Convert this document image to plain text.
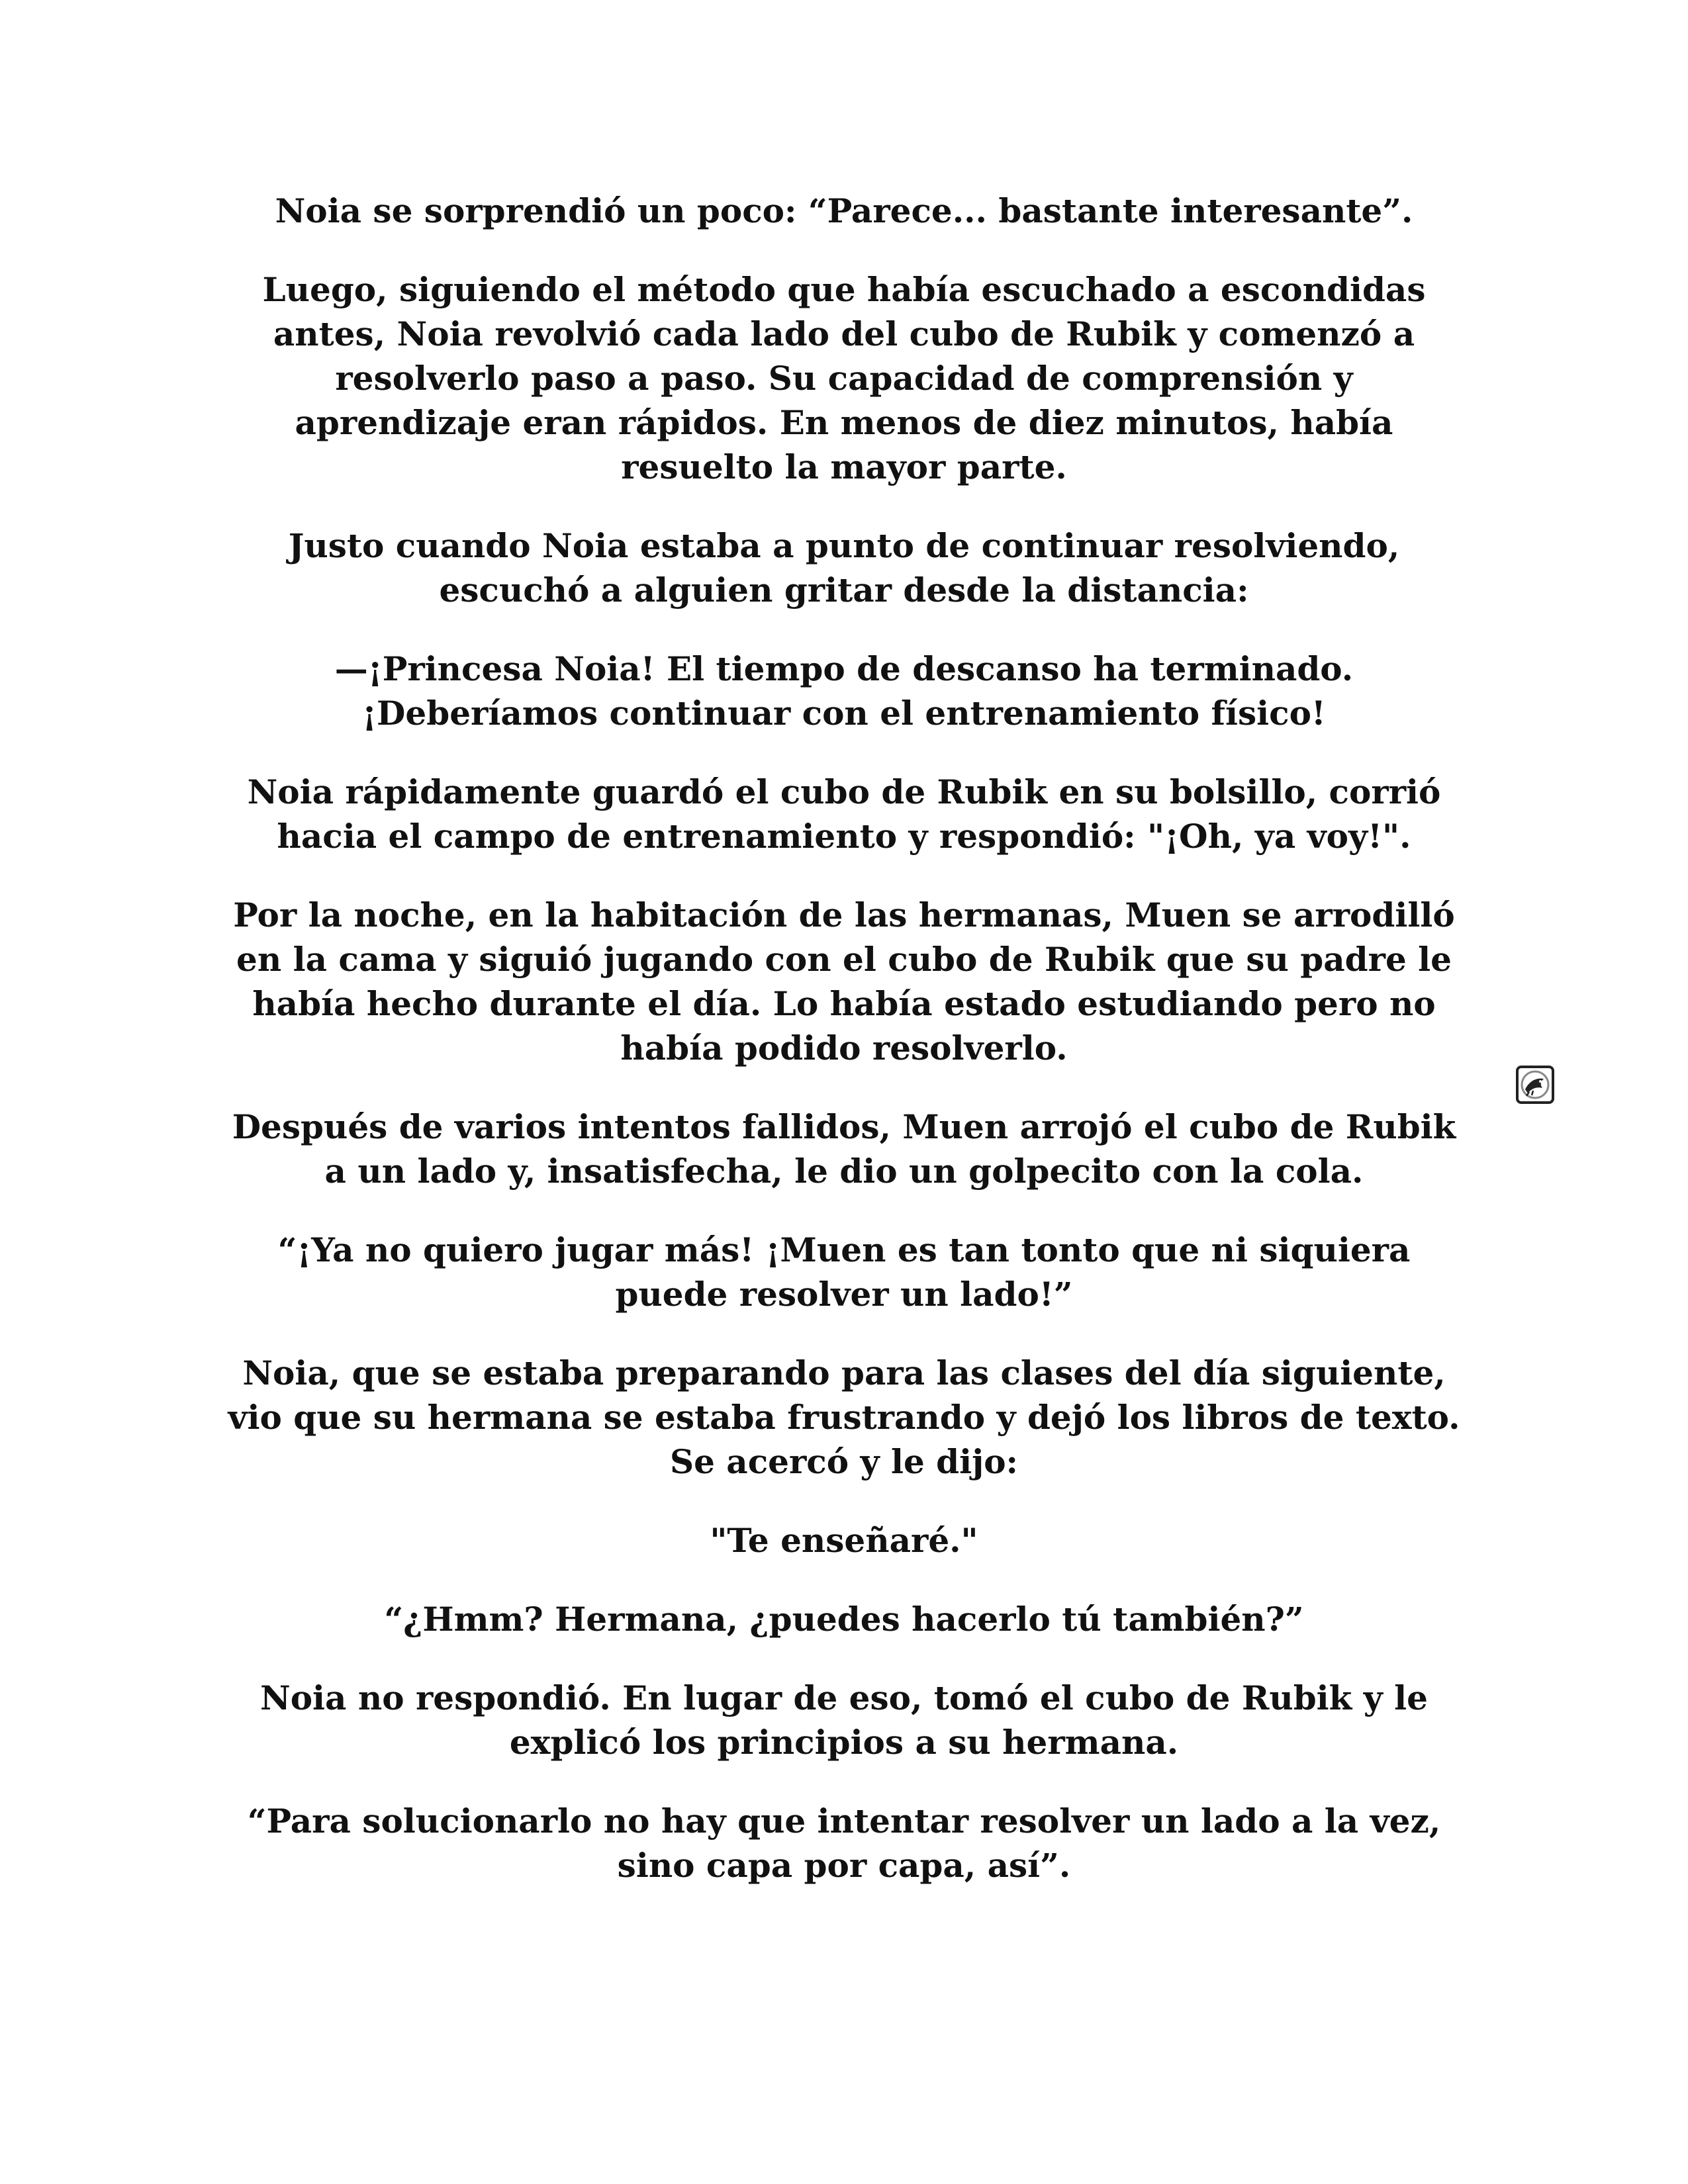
Noia se sorprendió un poco: “Parece... bastante interesante”.

Luego, siguiendo el método que había escuchado a escondidas antes, Noia revolvió cada lado del cubo de Rubik y comenzó a resolverlo paso a paso. Su capacidad de comprensión y aprendizaje eran rápidos. En menos de diez minutos, había resuelto la mayor parte.

Justo cuando Noia estaba a punto de continuar resolviendo, escuchó a alguien gritar desde la distancia:

—¡Princesa Noia! El tiempo de descanso ha terminado. ¡Deberíamos continuar con el entrenamiento físico!

Noia rápidamente guardó el cubo de Rubik en su bolsillo, corrió hacia el campo de entrenamiento y respondió: "¡Oh, ya voy!".

Por la noche, en la habitación de las hermanas, Muen se arrodilló en la cama y siguió jugando con el cubo de Rubik que su padre le había hecho durante el día. Lo había estado estudiando pero no había podido resolverlo.

Después de varios intentos fallidos, Muen arrojó el cubo de Rubik a un lado y, insatisfecha, le dio un golpecito con la cola.

“¡Ya no quiero jugar más! ¡Muen es tan tonto que ni siquiera puede resolver un lado!”

Noia, que se estaba preparando para las clases del día siguiente, vio que su hermana se estaba frustrando y dejó los libros de texto. Se acercó y le dijo:

"Te enseñaré."

“¿Hmm? Hermana, ¿puedes hacerlo tú también?”

Noia no respondió. En lugar de eso, tomó el cubo de Rubik y le explicó los principios a su hermana.

“Para solucionarlo no hay que intentar resolver un lado a la vez, sino capa por capa, así”.
